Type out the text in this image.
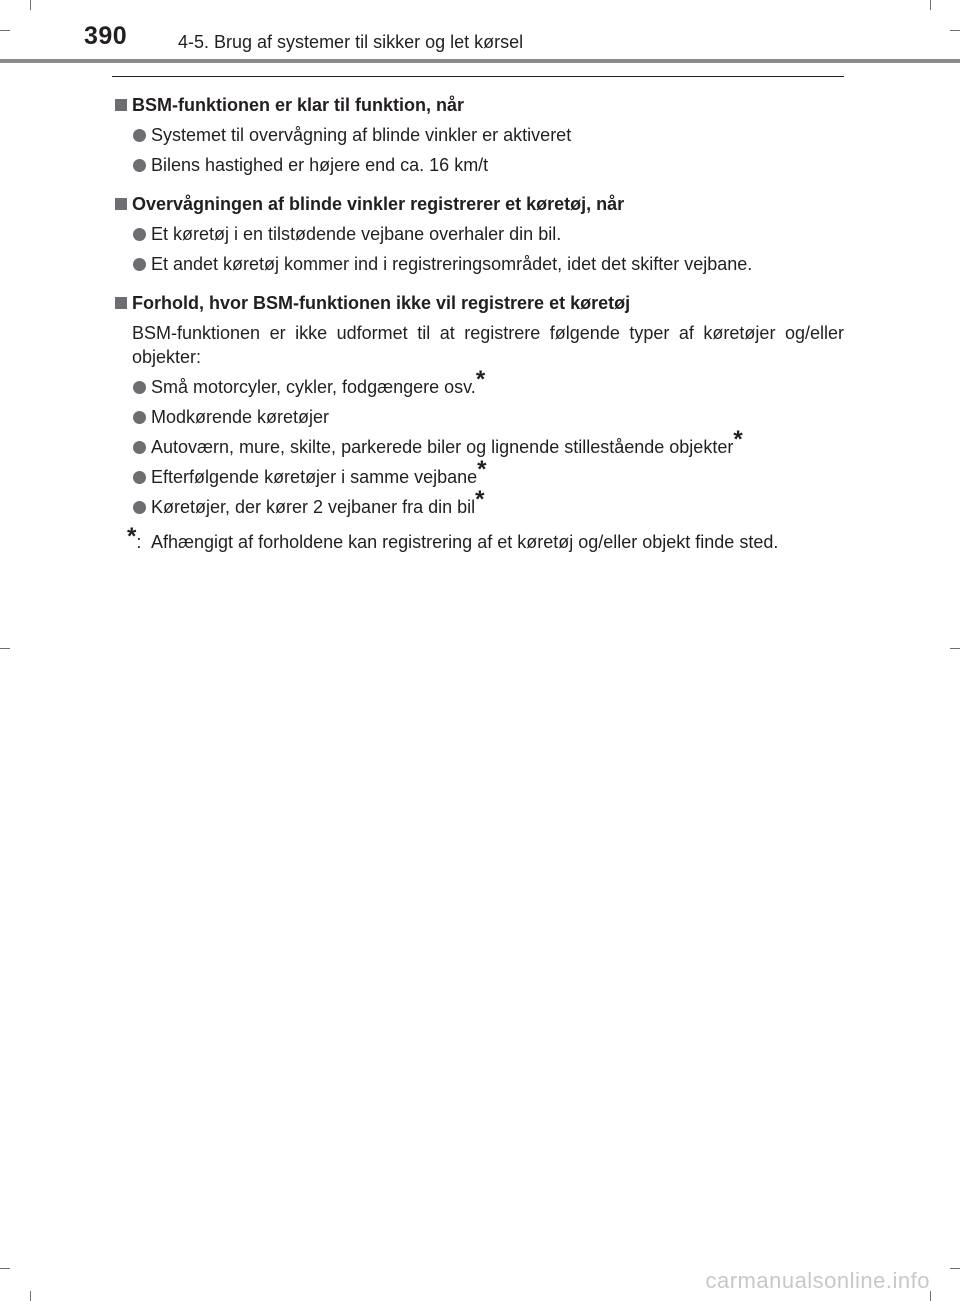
390	4-5. Brug af systemer til sikker og let kørsel
BSM-funktionen er klar til funktion, når
Systemet til overvågning af blinde vinkler er aktiveret
Bilens hastighed er højere end ca. 16 km/t
Overvågningen af blinde vinkler registrerer et køretøj, når
Et køretøj i en tilstødende vejbane overhaler din bil.
Et andet køretøj kommer ind i registreringsområdet, idet det skifter vejbane.
Forhold, hvor BSM-funktionen ikke vil registrere et køretøj
BSM-funktionen er ikke udformet til at registrere følgende typer af køretøjer og/eller objekter:
Små motorcyler, cykler, fodgængere osv.*
Modkørende køretøjer
Autoværn, mure, skilte, parkerede biler og lignende stillestående objekter*
Efterfølgende køretøjer i samme vejbane*
Køretøjer, der kører 2 vejbaner fra din bil*
*: Afhængigt af forholdene kan registrering af et køretøj og/eller objekt finde sted.
carmanualsonline.info
